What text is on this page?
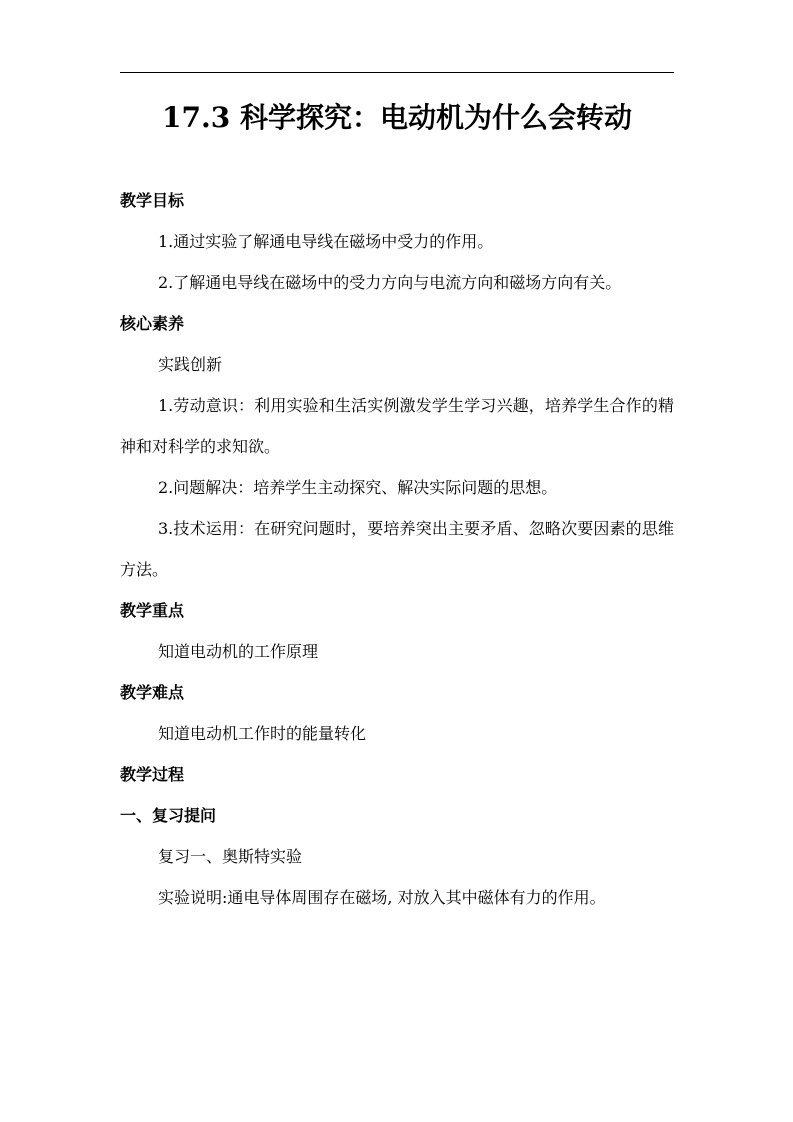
17.3 科学探究：电动机为什么会转动
教学目标
1.通过实验了解通电导线在磁场中受力的作用。
2.了解通电导线在磁场中的受力方向与电流方向和磁场方向有关。
核心素养
实践创新
1.劳动意识：利用实验和生活实例激发学生学习兴趣，培养学生合作的精神和对科学的求知欲。
2.问题解决：培养学生主动探究、解决实际问题的思想。
3.技术运用：在研究问题时，要培养突出主要矛盾、忽略次要因素的思维方法。
教学重点
知道电动机的工作原理
教学难点
知道电动机工作时的能量转化
教学过程
一、复习提问
复习一、奥斯特实验
实验说明:通电导体周围存在磁场, 对放入其中磁体有力的作用。
